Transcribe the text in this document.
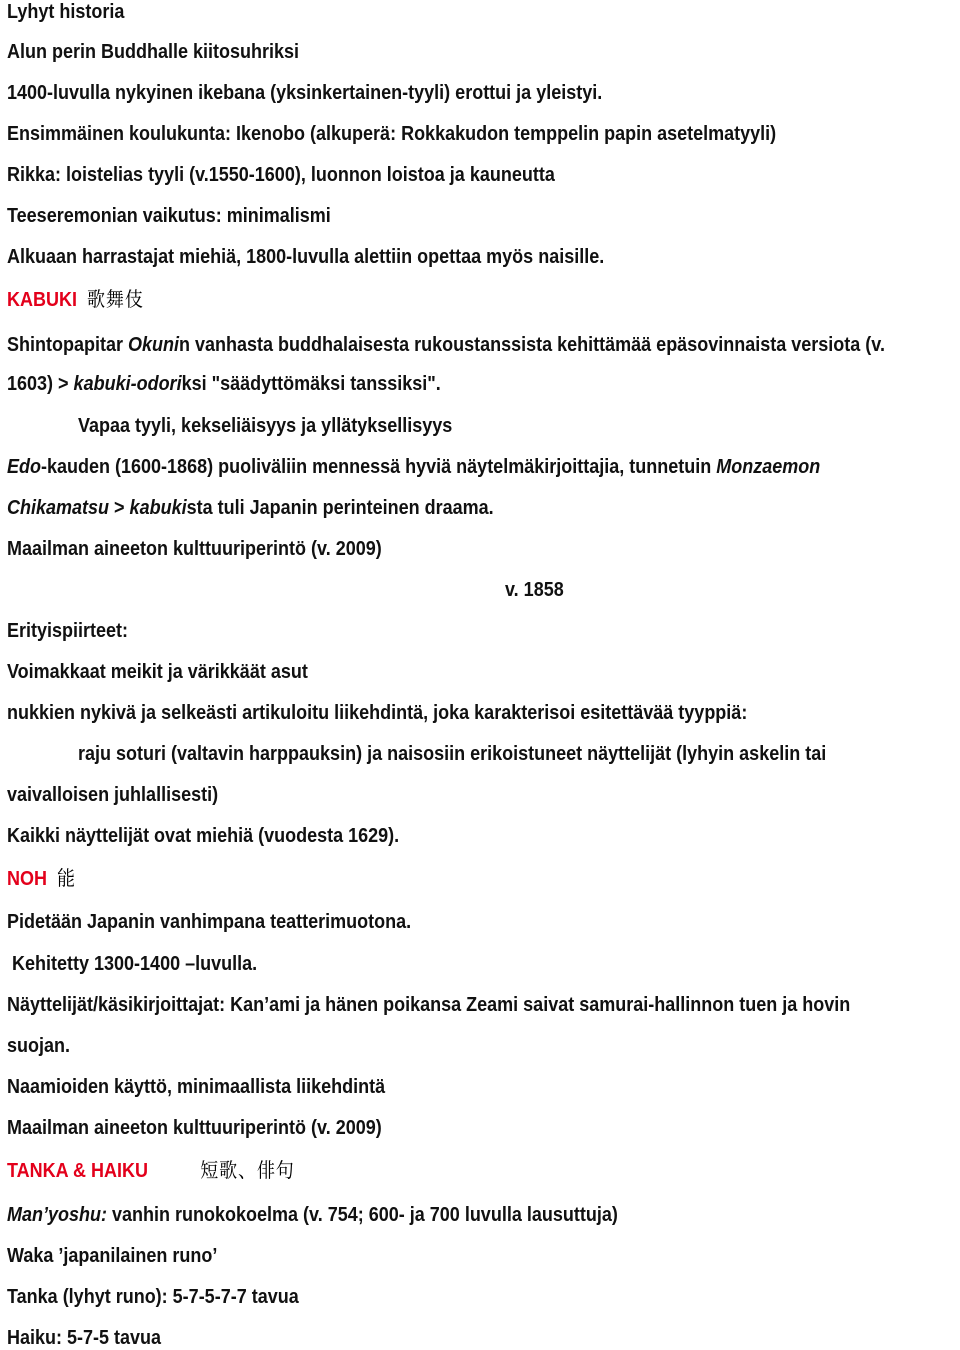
Lyhyt historia
Alun perin Buddhalle kiitosuhriksi
1400-luvulla nykyinen ikebana (yksinkertainen-tyyli) erottui ja yleistyi.
Ensimmäinen koulukunta: Ikenobo (alkuperä: Rokkakudon temppelin papin asetelmatyyli)
Rikka: loistelias tyyli (v.1550-1600), luonnon loistoa ja kauneutta
Teeseremonian vaikutus: minimalismi
Alkuaan harrastajat miehiä, 1800-luvulla alettiin opettaa myös naisille.
KABUKI 歌舞伎
Shintopapitar Okunin vanhasta buddhalaisesta rukoustanssista kehittämää epäsovinnaista versiota (v.
1603) > kabuki-odoriksi "säädyttömäksi tanssiksi".
Vapaa tyyli, kekseliäisyys ja yllätyksellisyys
Edo-kauden (1600-1868) puoliväliin mennessä hyviä näytelmäkirjoittajia, tunnetuin Monzaemon
Chikamatsu > kabukista tuli Japanin perinteinen draama.
Maailman aineeton kulttuuriperintö (v. 2009)
v. 1858
Erityispiirteet:
Voimakkaat meikit ja värikkäät asut
nukkien nykivä ja selkeästi artikuloitu liikehdintä, joka karakterisoi esitettävää tyyppiä:
raju soturi (valtavin harppauksin) ja naisosiin erikoistuneet näyttelijät (lyhyin askelin tai
vaivalloisen juhlallisesti)
Kaikki näyttelijät ovat miehiä (vuodesta 1629).
NOH 能
Pidetään Japanin vanhimpana teatterimuotona.
Kehitetty 1300-1400 –luvulla.
Näyttelijät/käsikirjoittajat: Kan’ami ja hänen poikansa Zeami saivat samurai-hallinnon tuen ja hovin
suojan.
Naamioiden käyttö, minimaallista liikehdintä
Maailman aineeton kulttuuriperintö (v. 2009)
TANKA & HAIKU	短歌、俳句
Man’yoshu: vanhin runokokoelma (v. 754; 600- ja 700 luvulla lausuttuja)
Waka ’japanilainen runo’
Tanka (lyhyt runo): 5-7-5-7-7 tavua
Haiku: 5-7-5 tavua
